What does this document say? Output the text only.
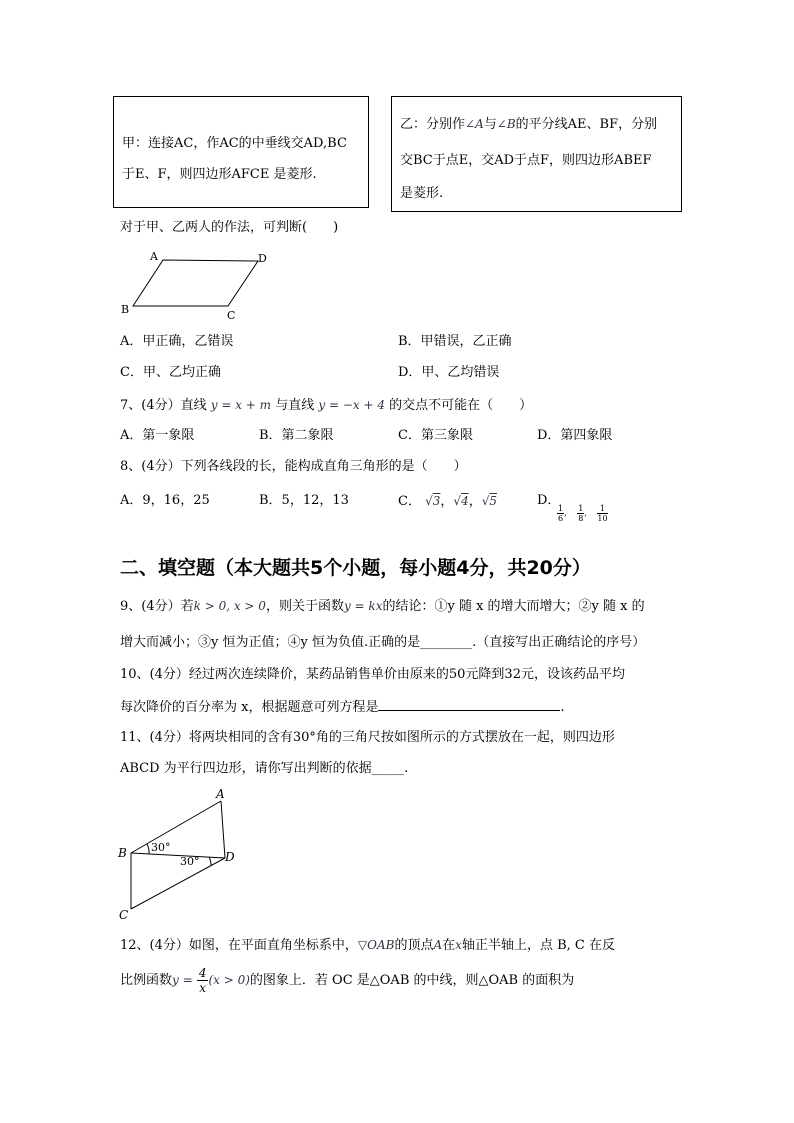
甲：连接AC，作AC的中垂线交AD,BC
于E、F，则四边形AFCE 是菱形.
乙：分别作∠A与∠B的平分线AE、BF，分别
交BC于点E，交AD于点F，则四边形ABEF
是菱形.
对于甲、乙两人的作法，可判断(　　)
A	D
B	C
A．甲正确，乙错误	B．甲错误，乙正确
C．甲、乙均正确	D．甲、乙均错误
7、(4分）直线 y = x + m 与直线 y = −x + 4 的交点不可能在（　　）
A．第一象限	B．第二象限	C．第三象限	D．第四象限
8、(4分）下列各线段的长，能构成直角三角形的是（　　）
A．9，16，25	B．5，12，13	C． √3，√4，√5	D．
$\frac{1}{6}$ , $\frac{1}{8}$ , $\frac{1}{10}$
二、填空题（本大题共5个小题，每小题4分，共20分）
9、(4分）若k > 0, x > 0，则关于函数y = kx的结论：①y 随 x 的增大而增大；②y 随 x 的
增大而减小；③y 恒为正值；④y 恒为负值.正确的是________.（直接写出正确结论的序号）
10、(4分）经过两次连续降价，某药品销售单价由原来的50元降到32元，设该药品平均
每次降价的百分率为 x，根据题意可列方程是	.
11、(4分）将两块相同的含有30°角的三角尺按如图所示的方式摆放在一起，则四边形
ABCD 为平行四边形，请你写出判断的依据_____.
A
B
C
D
30°
30°
12、(4分）如图，在平面直角坐标系中，▽OAB的顶点A在x轴正半轴上，点 B, C 在反
比例函数$y = \frac{4}{x} (x > 0)$的图象上．若 OC 是△OAB 的中线，则△OAB 的面积为
